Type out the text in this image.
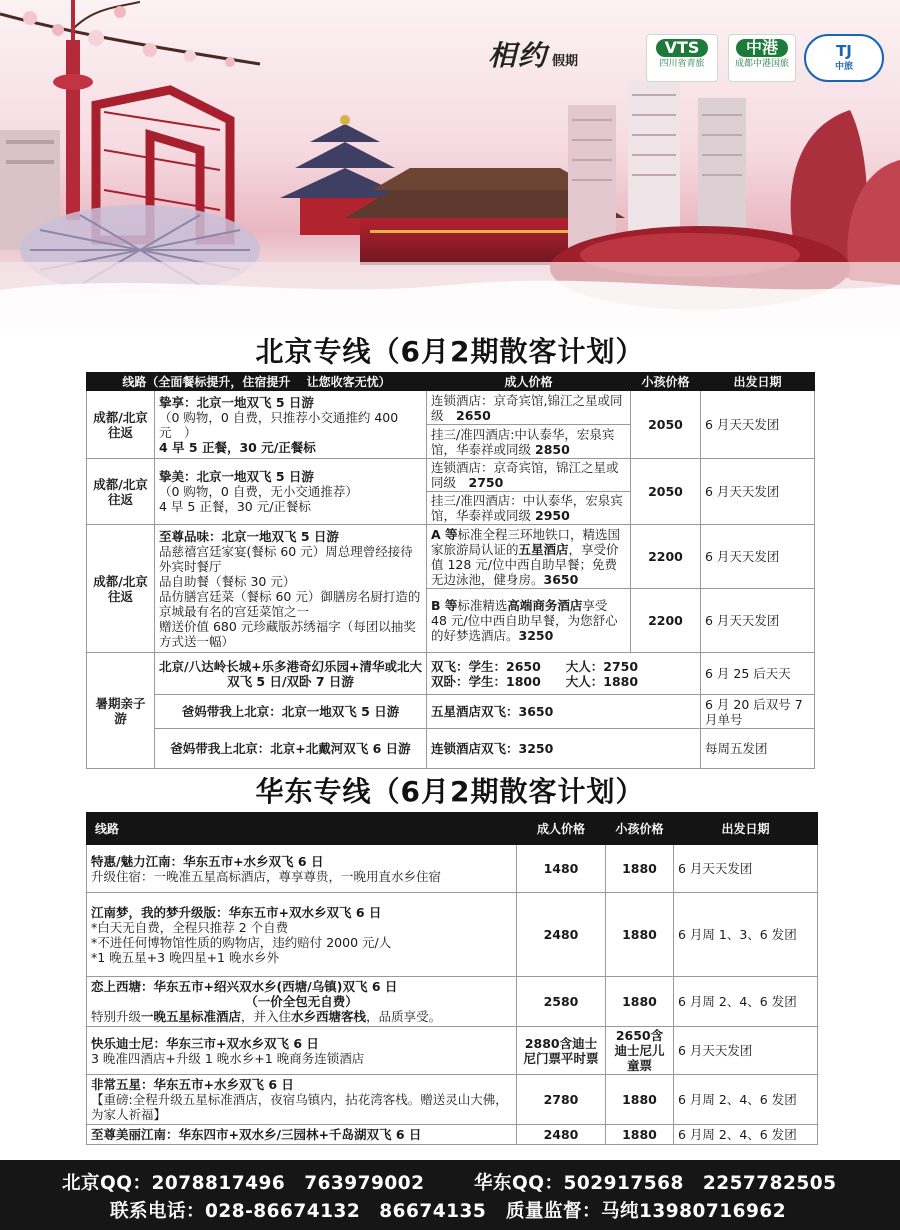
相约 假期
VTS
四川省青旅
中港
成都中港国旅
TJ
中旅
北京专线（6月2期散客计划）
线路（全面餐标提升，住宿提升　 让您收客无忧）		成人价格	小孩价格	出发日期
成都/北京往返	挚享：北京一地双飞 5 日游
（0 购物，0 自费，只推荐小交通推约 400 元　）
4 早 5 正餐，30 元/正餐标	连锁酒店：京奇宾馆,锦江之星或同级　 2650	2050	6 月天天发团
		挂三/准四酒店:中认泰华，宏泉宾馆，华泰祥或同级 2850		
成都/北京往返	挚美：北京一地双飞 5 日游
（0 购物，0 自费，无小交通推荐）
4 早 5 正餐，30 元/正餐标	连锁酒店：京奇宾馆，锦江之星或同级　 2750	2050	6 月天天发团
		挂三/准四酒店：中认泰华，宏泉宾馆，华泰祥或同级 2950		
成都/北京往返	至尊品味：北京一地双飞 5 日游
品慈禧宫廷家宴(餐标 60 元）周总理曾经接待外宾时餐厅
品自助餐（餐标 30 元）
品仿膳宫廷菜（餐标 60 元）御膳房名厨打造的京城最有名的宫廷菜馆之一
赠送价值 680 元珍藏版苏绣福字（每团以抽奖方式送一幅）	A 等标准全程三环地铁口，精选国家旅游局认证的五星酒店，享受价值 128 元/位中西自助早餐；免费无边泳池，健身房。3650	2200	6 月天天发团
		B 等标准精选高端商务酒店享受 48 元/位中西自助早餐，为您舒心的好梦选酒店。3250	2200	6 月天天发团
暑期亲子游	北京/八达岭长城+乐多港奇幻乐园+清华或北大双飞 5 日/双卧 7 日游	双飞：学生：2650　　大人：2750
双卧：学生：1800　　大人：1880		6 月 25 后天天
	爸妈带我上北京：北京一地双飞 5 日游	五星酒店双飞：3650		6 月 20 后双号 7 月单号
	爸妈带我上北京：北京+北戴河双飞 6 日游	连锁酒店双飞：3250		每周五发团
华东专线（6月2期散客计划）
线路	成人价格	小孩价格	出发日期

特惠/魅力江南：华东五市+水乡双飞 6 日
升级住宿：一晚准五星高标酒店，尊享尊贵，一晚用直水乡住宿	1480	1880	6 月天天发团

江南梦，我的梦升级版：华东五市+双水乡双飞 6 日
*白天无自费，全程只推荐 2 个自费
*不进任何博物馆性质的购物店，违约赔付 2000 元/人
*1 晚五星+3 晚四星+1 晚水乡外	2480	1880	6 月周 1、3、6 发团

恋上西塘：华东五市+绍兴双水乡(西塘/乌镇)双飞 6 日
（一价全包无自费）
特别升级一晚五星标准酒店，并入住水乡西塘客栈，品质享受。	2580	1880	6 月周 2、4、6 发团

快乐迪士尼：华东三市+双水乡双飞 6 日
3 晚准四酒店+升级 1 晚水乡+1 晚商务连锁酒店	2880含迪士尼门票平时票	2650含迪士尼儿童票	6 月天天发团

非常五星：华东五市+水乡双飞 6 日
【重磅:全程升级五星标准酒店，夜宿乌镇内，拈花湾客栈。赠送灵山大佛，为家人祈福】	2780	1880	6 月周 2、4、6 发团
至尊美丽江南：华东四市+双水乡/三园林+千岛湖双飞 6 日	2480	1880	6 月周 2、4、6 发团
北京QQ：2078817496　763979002	华东QQ：502917568　2257782505
联系电话：028-86674132　86674135 质量监督：马纯13980716962
